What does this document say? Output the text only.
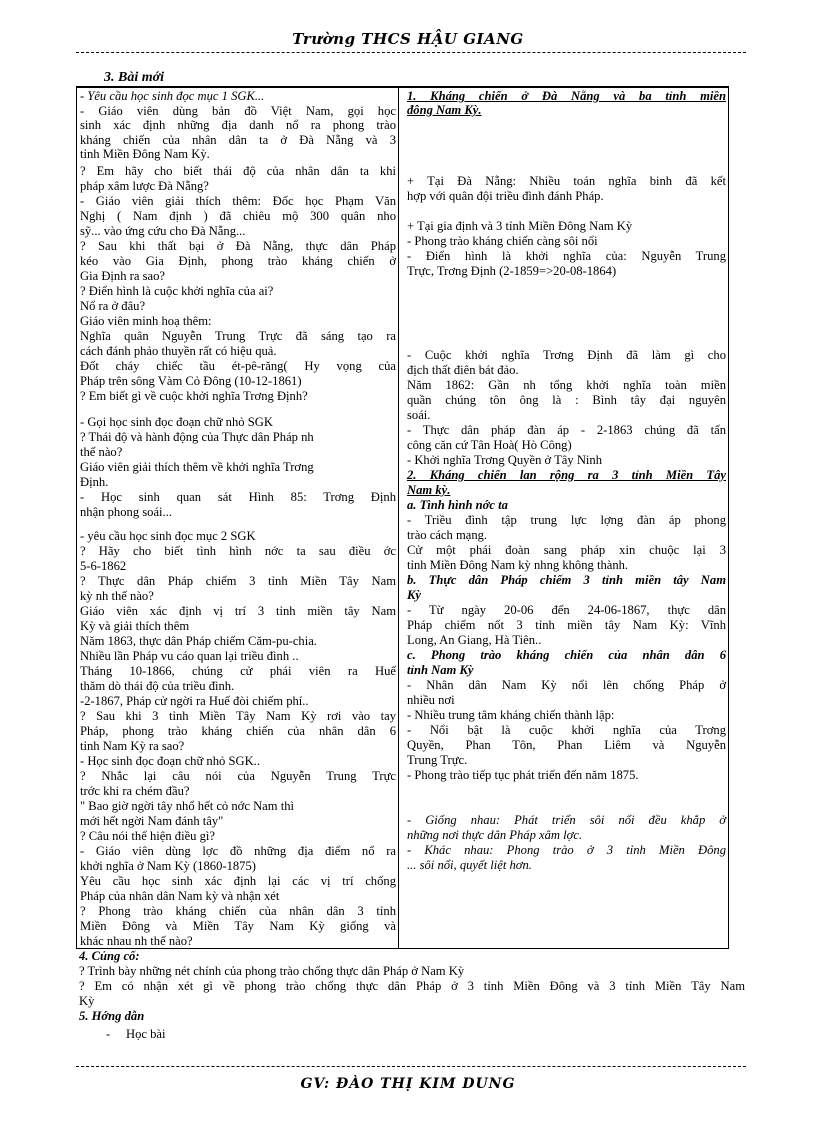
Trường THCS HẬU GIANG
3. Bài mới
- Yêu cầu học sinh đọc mục 1 SGK...
- Giáo viên dùng bản đồ Việt Nam, gọi học
sinh xác định những địa danh nổ ra phong trào
kháng chiến của nhân dân ta ở Đà Nẵng và 3
tỉnh Miền Đông Nam Kỳ.
? Em hãy cho biết thái độ của nhân dân ta khi
pháp xâm lược Đà Nẵng?
- Giáo viên giải thích thêm: Đốc học Phạm Văn
Nghị ( Nam định ) đã chiêu mộ 300 quân nho
sỹ... vào ứng cứu cho Đà Nẵng...
? Sau khi thất bại ở Đà Nẵng, thực dân Pháp
kéo vào Gia Định, phong trào kháng chiến ở
Gia Định ra sao?
? Điển hình là cuộc khởi nghĩa của ai?
Nổ ra ở đâu?
Giáo viên minh hoạ thêm:
Nghĩa quân Nguyễn Trung Trực đã sáng tạo ra
cách đánh phảo thuyền rất có hiệu quả.
Đốt cháy chiếc tầu ét-pê-răng( Hy vọng của
Pháp trên sông Vàm Cỏ Đông (10-12-1861)
? Em biết gì về cuộc khởi nghĩa Trơng Định?
- Gọi học sinh đọc đoạn chữ nhỏ SGK
? Thái độ và hành động của Thực dân Pháp nh
thế nào?
Giáo viên giải thích thêm về khởi nghĩa Trơng
Định.
- Học sinh quan sát Hình 85: Trơng Định
nhận phong soái...
- yêu cầu học sinh đọc mục 2 SGK
? Hãy cho biết tình hình nớc ta sau điều ớc
5-6-1862
? Thực dân Pháp chiếm 3 tỉnh Miền Tây Nam
kỳ nh thế nào?
Giáo viên xác định vị trí 3 tỉnh miền tây Nam
Kỳ và giải thích thêm
Năm 1863, thực dân Pháp chiếm Căm-pu-chia.
Nhiều lần Pháp vu cáo quan lại triều đình ..
Tháng 10-1866, chúng cử phái viên ra Huế
thăm dò thái độ của triều đình.
-2-1867, Pháp cử ngời ra Huế đòi chiếm phí..
? Sau khi 3 tỉnh Miền Tây Nam Kỳ rơi vào tay
Pháp, phong trào kháng chiến của nhân dân 6
tỉnh Nam Kỳ ra sao?
- Học sinh đọc đoạn chữ nhỏ SGK..
? Nhắc lại câu nói của Nguyễn Trung Trực
trớc khi ra chém đầu?
" Bao giờ ngời tây nhổ hết cỏ nớc Nam thì
mới hết ngời Nam đánh tây"
? Câu nói thể hiện điều gì?
- Giáo viên dùng lợc đồ những địa điểm nổ ra
khởi nghĩa ở Nam Kỳ (1860-1875)
Yêu cầu học sinh xác định lại các vị trí chống
Pháp của nhân dân Nam kỳ và nhận xét
? Phong trào kháng chiến của nhân dân 3 tỉnh
Miền Đông và Miền Tây Nam Kỳ giống và
khác nhau nh thế nào?
1. Kháng chiến ở Đà Nẵng và ba tỉnh miền
đông Nam Kỳ.
+ Tại Đà Nẵng: Nhiều toán nghĩa binh đã kết
hợp với quân đội triều đình đánh Pháp.
+ Tại gia định và 3 tỉnh Miền Đông Nam Kỳ
- Phong trào kháng chiến càng sôi nổi
- Điển hình là khởi nghĩa của: Nguyễn Trung
Trực, Trơng Định (2-1859=>20-08-1864)
- Cuộc khởi nghĩa Trơng Định đã làm gì cho
địch thất điên bát đảo.
Năm 1862: Gần nh tổng khởi nghĩa toàn miền
quần chúng tôn ông là : Bình tây đại nguyên
soái.
- Thực dân pháp đàn áp - 2-1863 chúng đã tấn
công căn cứ Tân Hoà( Hò Công)
- Khởi nghĩa Trơng Quyền ở Tây Ninh
2. Kháng chiến lan rộng ra 3 tỉnh Miền Tây
Nam kỳ.
a. Tình hình nớc ta
- Triều đình tập trung lực lợng đàn áp phong
trào cách mạng.
Cử một phái đoàn sang pháp xin chuộc lại 3
tỉnh Miền Đông Nam kỳ nhng không thành.
b. Thực dân Pháp chiếm 3 tỉnh miền tây Nam
Kỳ
- Từ ngày 20-06 đến 24-06-1867, thực dân
Pháp chiếm nốt 3 tỉnh miền tây Nam Kỳ: Vĩnh
Long, An Giang, Hà Tiên..
c. Phong trào kháng chiến của nhân dân 6
tỉnh Nam Kỳ
- Nhân dân Nam Kỳ nổi lên chống Pháp ở
nhiều nơi
- Nhiều trung tâm kháng chiến thành lập:
- Nổi bật là cuộc khởi nghĩa của Trơng
Quyền, Phan Tôn, Phan Liêm và Nguyễn
Trung Trực.
- Phong trào tiếp tục phát triển đến năm 1875.
- Giống nhau: Phát triển sôi nổi đều khắp ở
những nơi thực dân Pháp xâm lợc.
- Khác nhau: Phong trào ở 3 tỉnh Miền Đông
... sôi nổi, quyết liệt hơn.
4. Củng cố:
? Trình bày những nét chính của phong trào chống thực dân Pháp ở Nam Kỳ
? Em có nhận xét gì về phong trào chống thực dân Pháp ở 3 tỉnh Miền Đông và 3 tỉnh Miền Tây Nam
Kỳ
5. Hớng dẫn
- Học bài
GV: ĐÀO THỊ KIM DUNG
